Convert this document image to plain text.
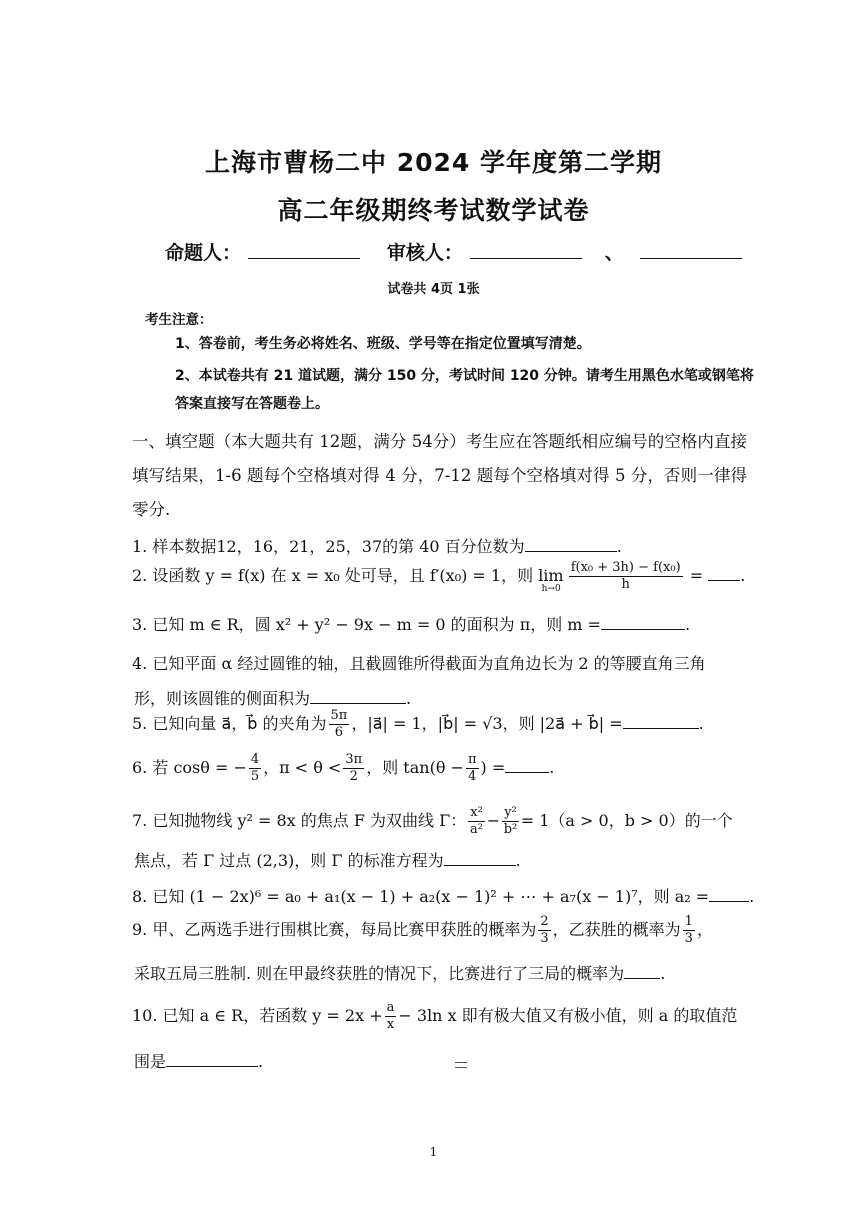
上海市曹杨二中 2024 学年度第二学期
高二年级期终考试数学试卷
命题人：	审核人：	、
试卷共 4页 1张
考生注意：
1、答卷前，考生务必将姓名、班级、学号等在指定位置填写清楚。
2、本试卷共有 21 道试题，满分 150 分，考试时间 120 分钟。请考生用黑色水笔或钢笔将答案直接写在答题卷上。
一、填空题（本大题共有 12题，满分 54分）考生应在答题纸相应编号的空格内直接填写结果，1-6 题每个空格填对得 4 分，7-12 题每个空格填对得 5 分，否则一律得零分.
1. 样本数据12，16，21，25，37的第 40 百分位数为	.
2. 设函数 y = f(x) 在 x = x₀ 处可导，且 f′(x₀) = 1，则 $\lim_{h\to 0} \frac{\text{f(x₀ + 3h) − f(x₀)}}{h}$ = .
3. 已知 m ∈ R，圆 x² + y² − 9x − m = 0 的面积为 π，则 m =	.
4. 已知平面 α 经过圆锥的轴，且截圆锥所得截面为直角边长为 2 的等腰直角三角
形，则该圆锥的侧面积为	.
5. 已知向量 a⃗，b⃗ 的夹角为 $\frac{5\pi}{6}$ ，|a⃗| = 1，|b⃗| = √3，则 |2a⃗ + b⃗| =	.
6. 若 cosθ = − $\frac{4}{5}$ ，$\pi < \theta < \frac{3\pi}{2}$ ，则 $\tan(\theta - \frac{\pi}{4}$ ) =	.
7. 已知抛物线 y² = 8x 的焦点 F 为双曲线 Γ： $\frac{\text{x²}}{\text{a²}} - \frac{\text{y²}}{\text{b²}} = 1(a > 0$，b > 0）的一个
焦点，若 Γ 过点 (2,3)，则 Γ 的标准方程为	.
8. 已知 (1 − 2x)⁶ = a₀ + a₁(x − 1) + a₂(x − 1)² + ⋯ + a₇(x − 1)⁷，则 a₂ =	.
9. 甲、乙两选手进行围棋比赛，每局比赛甲获胜的概率为 $\frac{2}{3}$ ，乙获胜的概率为 $\frac{1}{3}$ ，
采取五局三胜制. 则在甲最终获胜的情况下，比赛进行了三局的概率为 .
10. 已知 a ∈ R，若函数 $y = 2x + \frac{a}{x} - 3\ln$ x 即有极大值又有极小值，则 a 的取值范
围是	.
1
